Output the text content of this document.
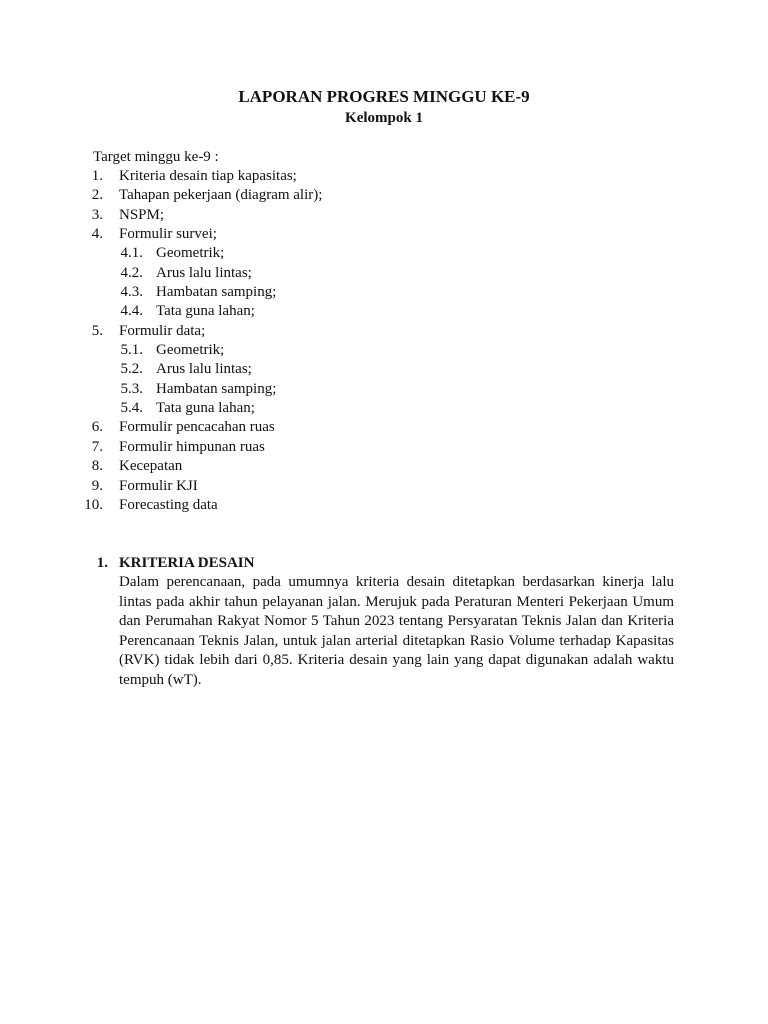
LAPORAN PROGRES MINGGU KE-9
Kelompok 1
Target minggu ke-9 :
1. Kriteria desain tiap kapasitas;
2. Tahapan pekerjaan (diagram alir);
3. NSPM;
4. Formulir survei;
4.1. Geometrik;
4.2. Arus lalu lintas;
4.3. Hambatan samping;
4.4. Tata guna lahan;
5. Formulir data;
5.1. Geometrik;
5.2. Arus lalu lintas;
5.3. Hambatan samping;
5.4. Tata guna lahan;
6. Formulir pencacahan ruas
7. Formulir himpunan ruas
8. Kecepatan
9. Formulir KJI
10. Forecasting data
1. KRITERIA DESAIN
Dalam perencanaan, pada umumnya kriteria desain ditetapkan berdasarkan kinerja lalu lintas pada akhir tahun pelayanan jalan. Merujuk pada Peraturan Menteri Pekerjaan Umum dan Perumahan Rakyat Nomor 5 Tahun 2023 tentang Persyaratan Teknis Jalan dan Kriteria Perencanaan Teknis Jalan, untuk jalan arterial ditetapkan Rasio Volume terhadap Kapasitas (RVK) tidak lebih dari 0,85. Kriteria desain yang lain yang dapat digunakan adalah waktu tempuh (wT).
